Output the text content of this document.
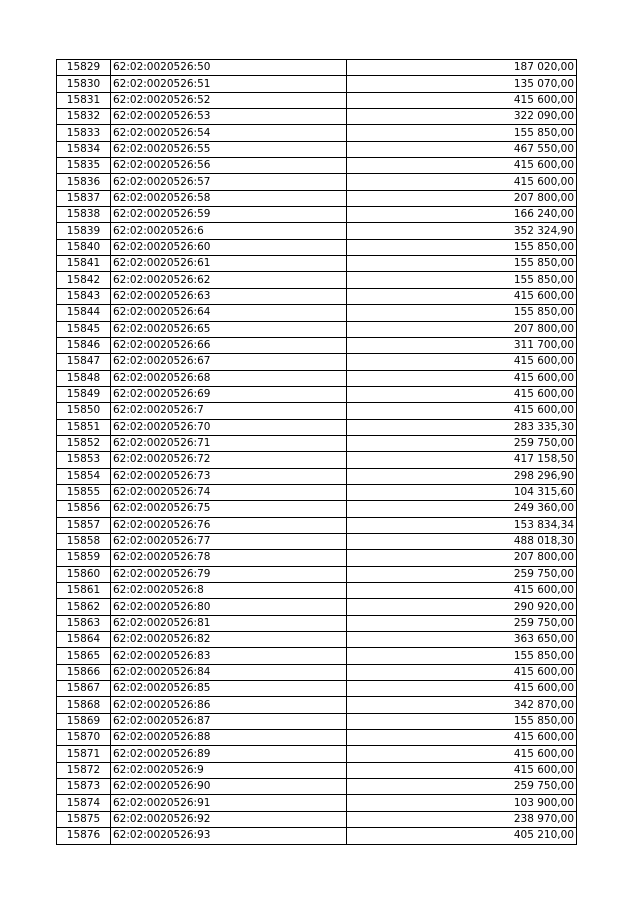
15829	62:02:0020526:50	187 020,00
15830	62:02:0020526:51	135 070,00
15831	62:02:0020526:52	415 600,00
15832	62:02:0020526:53	322 090,00
15833	62:02:0020526:54	155 850,00
15834	62:02:0020526:55	467 550,00
15835	62:02:0020526:56	415 600,00
15836	62:02:0020526:57	415 600,00
15837	62:02:0020526:58	207 800,00
15838	62:02:0020526:59	166 240,00
15839	62:02:0020526:6	352 324,90
15840	62:02:0020526:60	155 850,00
15841	62:02:0020526:61	155 850,00
15842	62:02:0020526:62	155 850,00
15843	62:02:0020526:63	415 600,00
15844	62:02:0020526:64	155 850,00
15845	62:02:0020526:65	207 800,00
15846	62:02:0020526:66	311 700,00
15847	62:02:0020526:67	415 600,00
15848	62:02:0020526:68	415 600,00
15849	62:02:0020526:69	415 600,00
15850	62:02:0020526:7	415 600,00
15851	62:02:0020526:70	283 335,30
15852	62:02:0020526:71	259 750,00
15853	62:02:0020526:72	417 158,50
15854	62:02:0020526:73	298 296,90
15855	62:02:0020526:74	104 315,60
15856	62:02:0020526:75	249 360,00
15857	62:02:0020526:76	153 834,34
15858	62:02:0020526:77	488 018,30
15859	62:02:0020526:78	207 800,00
15860	62:02:0020526:79	259 750,00
15861	62:02:0020526:8	415 600,00
15862	62:02:0020526:80	290 920,00
15863	62:02:0020526:81	259 750,00
15864	62:02:0020526:82	363 650,00
15865	62:02:0020526:83	155 850,00
15866	62:02:0020526:84	415 600,00
15867	62:02:0020526:85	415 600,00
15868	62:02:0020526:86	342 870,00
15869	62:02:0020526:87	155 850,00
15870	62:02:0020526:88	415 600,00
15871	62:02:0020526:89	415 600,00
15872	62:02:0020526:9	415 600,00
15873	62:02:0020526:90	259 750,00
15874	62:02:0020526:91	103 900,00
15875	62:02:0020526:92	238 970,00
15876	62:02:0020526:93	405 210,00
